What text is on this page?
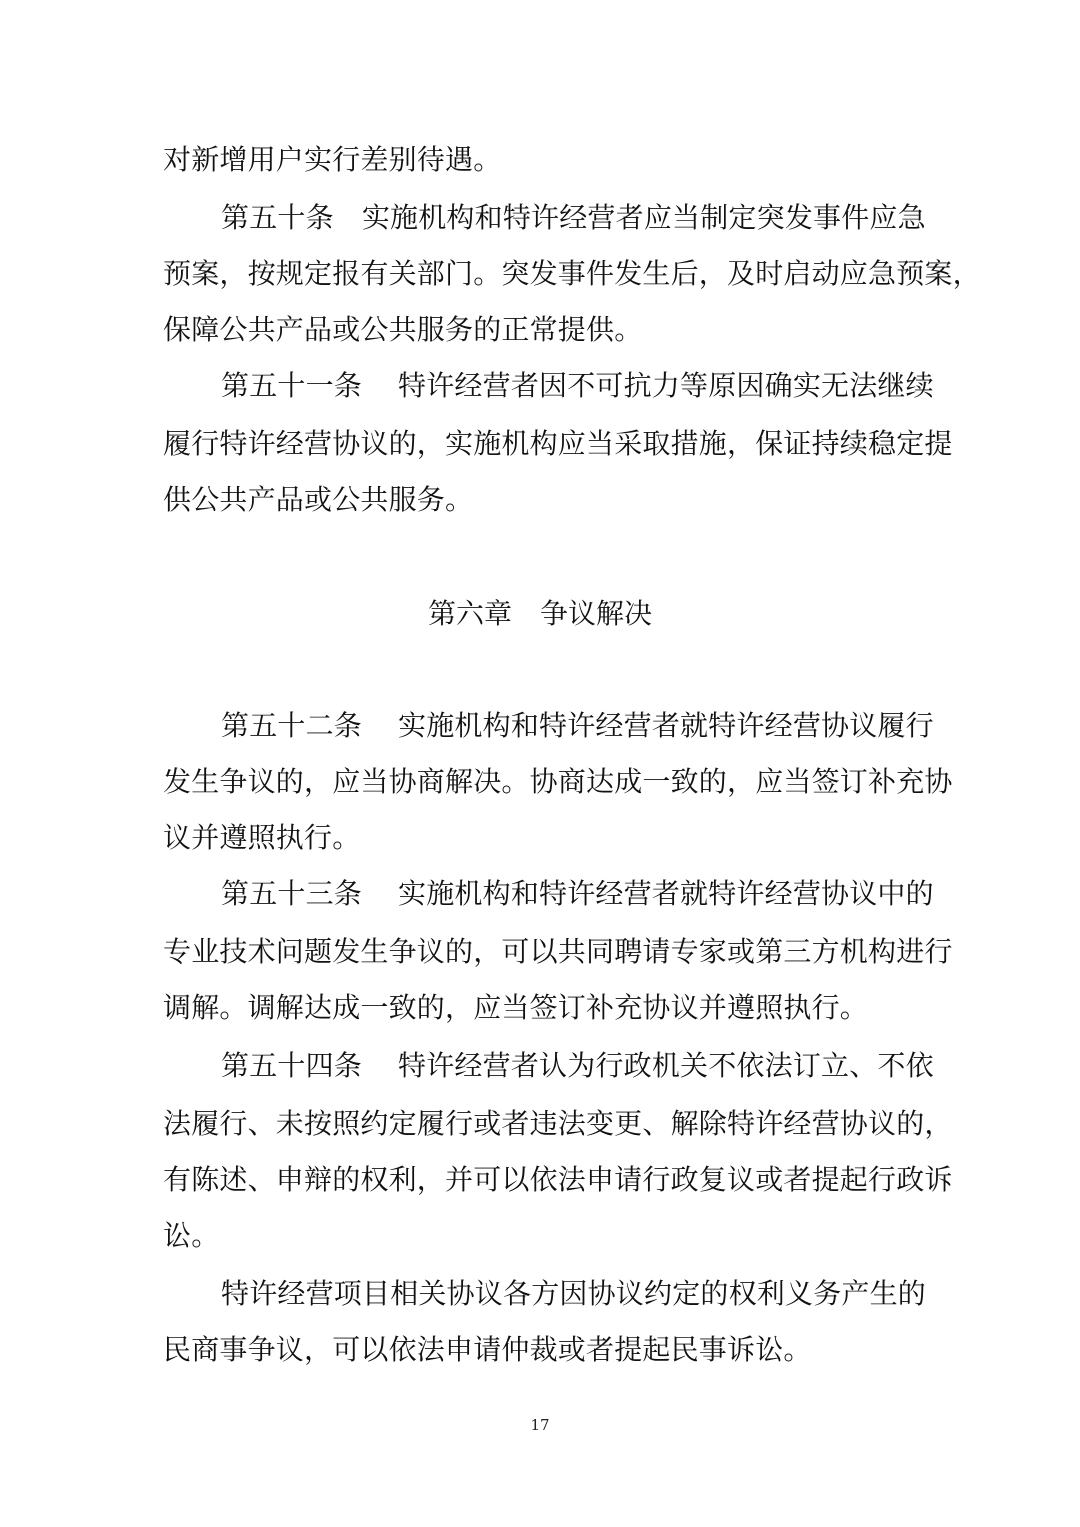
对新增用户实行差别待遇。
第五十条 实施机构和特许经营者应当制定突发事件应急
预案，按规定报有关部门。突发事件发生后，及时启动应急预案，
保障公共产品或公共服务的正常提供。
第五十一条 特许经营者因不可抗力等原因确实无法继续
履行特许经营协议的，实施机构应当采取措施，保证持续稳定提
供公共产品或公共服务。
第六章 争议解决
第五十二条 实施机构和特许经营者就特许经营协议履行
发生争议的，应当协商解决。协商达成一致的，应当签订补充协
议并遵照执行。
第五十三条 实施机构和特许经营者就特许经营协议中的
专业技术问题发生争议的，可以共同聘请专家或第三方机构进行
调解。调解达成一致的，应当签订补充协议并遵照执行。
第五十四条 特许经营者认为行政机关不依法订立、不依
法履行、未按照约定履行或者违法变更、解除特许经营协议的，
有陈述、申辩的权利，并可以依法申请行政复议或者提起行政诉
讼。
特许经营项目相关协议各方因协议约定的权利义务产生的
民商事争议，可以依法申请仲裁或者提起民事诉讼。
17
